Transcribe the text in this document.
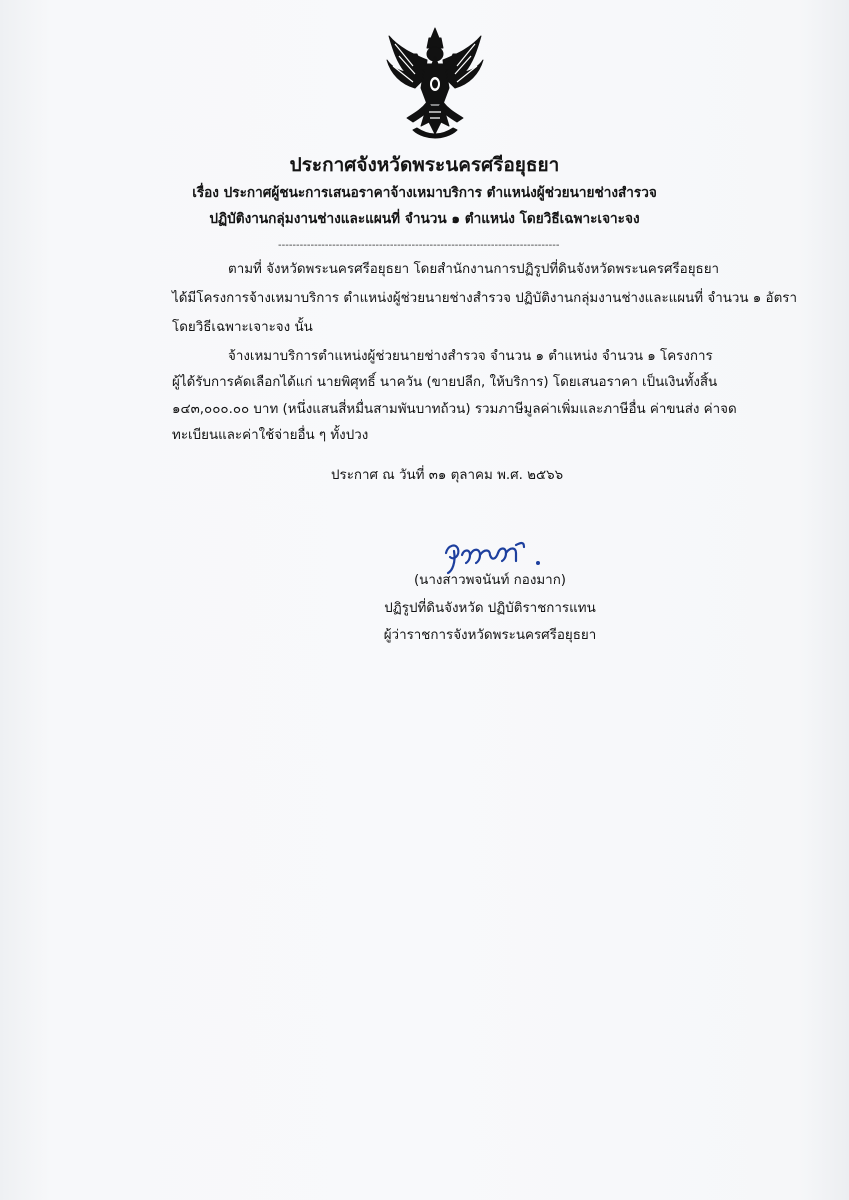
ประกาศจังหวัดพระนครศรีอยุธยา
เรื่อง ประกาศผู้ชนะการเสนอราคาจ้างเหมาบริการ ตำแหน่งผู้ช่วยนายช่างสำรวจ
ปฏิบัติงานกลุ่มงานช่างและแผนที่ จำนวน ๑ ตำแหน่ง โดยวิธีเฉพาะเจาะจง
------------------------------------------------------------------------------
ตามที่ จังหวัดพระนครศรีอยุธยา โดยสำนักงานการปฏิรูปที่ดินจังหวัดพระนครศรีอยุธยา
ได้มีโครงการจ้างเหมาบริการ ตำแหน่งผู้ช่วยนายช่างสำรวจ ปฏิบัติงานกลุ่มงานช่างและแผนที่ จำนวน ๑ อัตรา
โดยวิธีเฉพาะเจาะจง นั้น
จ้างเหมาบริการตำแหน่งผู้ช่วยนายช่างสำรวจ จำนวน ๑ ตำแหน่ง จำนวน ๑ โครงการ
ผู้ได้รับการคัดเลือกได้แก่ นายพิศุทธิ์ นาควัน (ขายปลีก, ให้บริการ) โดยเสนอราคา เป็นเงินทั้งสิ้น
๑๔๓,๐๐๐.๐๐ บาท (หนึ่งแสนสี่หมื่นสามพันบาทถ้วน) รวมภาษีมูลค่าเพิ่มและภาษีอื่น ค่าขนส่ง ค่าจด
ทะเบียนและค่าใช้จ่ายอื่น ๆ ทั้งปวง
ประกาศ ณ วันที่ ๓๑ ตุลาคม พ.ศ. ๒๕๖๖
(นางสาวพจนันท์ กองมาก)
ปฏิรูปที่ดินจังหวัด ปฏิบัติราชการแทน
ผู้ว่าราชการจังหวัดพระนครศรีอยุธยา
